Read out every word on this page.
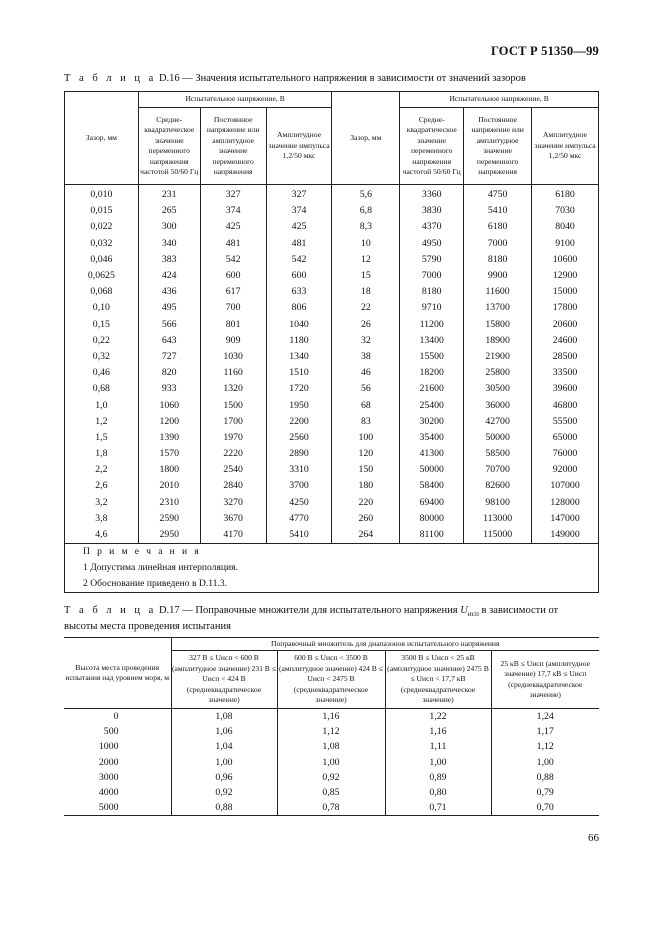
ГОСТ Р 51350—99
Т а б л и ц а D.16 — Значения испытательного напряжения в зависимости от значений зазоров
Зазор, мм	Испытательное напряжение, В			Зазор, мм	Испытательное напряжение, В		
	Средне-квадратическое значение переменного напряжения частотой 50/60 Гц	Постоянное напряжение или амплитудное значение переменного напряжения	Амплитудное значение импульса 1,2/50 мкс		Средне-квадратическое значение переменного напряжения частотой 50/60 Гц	Постоянное напряжение или амплитудное значение переменного напряжения	Амплитудное значение импульса 1,2/50 мкс
0,010	231	327	327	5,6	3360	4750	6180
0,015	265	374	374	6,8	3830	5410	7030
0,022	300	425	425	8,3	4370	6180	8040
0,032	340	481	481	10	4950	7000	9100
0,046	383	542	542	12	5790	8180	10600
0,0625	424	600	600	15	7000	9900	12900
0,068	436	617	633	18	8180	11600	15000
0,10	495	700	806	22	9710	13700	17800
0,15	566	801	1040	26	11200	15800	20600
0,22	643	909	1180	32	13400	18900	24600
0,32	727	1030	1340	38	15500	21900	28500
0,46	820	1160	1510	46	18200	25800	33500
0,68	933	1320	1720	56	21600	30500	39600
1,0	1060	1500	1950	68	25400	36000	46800
1,2	1200	1700	2200	83	30200	42700	55500
1,5	1390	1970	2560	100	35400	50000	65000
1,8	1570	2220	2890	120	41300	58500	76000
2,2	1800	2540	3310	150	50000	70700	92000
2,6	2010	2840	3700	180	58400	82600	107000
3,2	2310	3270	4250	220	69400	98100	128000
3,8	2590	3670	4770	260	80000	113000	147000
4,6	2950	4170	5410	264	81100	115000	149000
П р и м е ч а н и я							
1 Допустима линейная интерполяция.							
2 Обоснование приведено в D.11.3.							
Т а б л и ц а D.17 — Поправочные множители для испытательного напряжения $U_{исп}$ в зависимости от
высоты места проведения испытания
Высота места проведения испытания над уровнем моря, м	Поправочный множитель для диапазонов испытательного напряжения			
	327 В ≤ Uисп < 600 В (амплитудное значение) 231 В ≤ Uисп < 424 В (среднеквадратическое значение)	600 В ≤ Uисп < 3500 В (амплитудное значение) 424 В ≤ Uисп < 2475 В (среднеквадратическое значение)	3500 В ≤ Uисп < 25 кВ (амплитудное значение) 2475 В ≤ Uисп < 17,7 кВ (среднеквадратическое значение)	25 кВ ≤ Uисп (амплитудное значение) 17,7 кВ ≤ Uисп (среднеквадратическое значение)
0	1,08	1,16	1,22	1,24
500	1,06	1,12	1,16	1,17
1000	1,04	1,08	1,11	1,12
2000	1,00	1,00	1,00	1,00
3000	0,96	0,92	0,89	0,88
4000	0,92	0,85	0,80	0,79
5000	0,88	0,78	0,71	0,70
66
